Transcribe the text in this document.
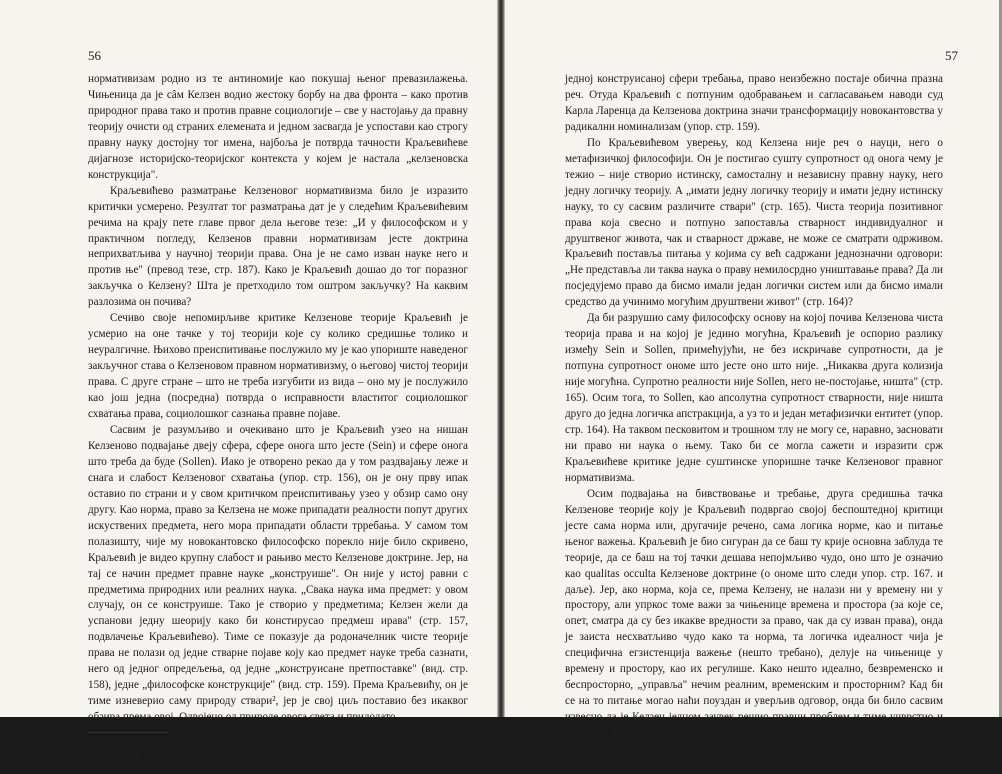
56

нормативизам родио из те антиномије као покушај њеног превазилажења. Чињеница да је сâм Келзен водио жестоку борбу на два фронта – како против природног права тако и против правне социологије – све у настојању да правну теорију очисти од страних елемената и једном засвагда је успостави као строгу правну науку достојну тог имена, најбоља је потврда тачности Краљевићеве дијагнозе историјско-теоријског контекста у којем је настала „келзеновска конструкција".

Краљевићево разматрање Келзеновог нормативизма било је изразито критички усмерено. Резултат тог разматрања дат је у следећим Краљевићевим речима на крају пете главе првог дела његове тезе: „И у философском и у практичном погледу, Келзенов правни нормативизам јесте доктрина неприхватљива у научној теорији права. Она је не само изван науке него и против ње" (превод тезе, стр. 187). Како је Краљевић дошао до тог поразног закључка о Келзену? Шта је претходило том оштром закључку? На каквим разлозима он почива?

Сечиво своје непомирљиве критике Келзенове теорије Краљевић је усмерио на оне тачке у тој теорији које су колико средишње толико и неуралгичне. Њихово преиспитивање послужило му је као упориште наведеног закључног става о Келзеновом правном нормативизму, о његовој чистој теорији права. С друге стране – што не треба изгубити из вида – оно му је послужило као још једна (посредна) потврда о исправности властитог социолошког схватања права, социолошког сазнања правне појаве.

Сасвим је разумљиво и очекивано што је Краљевић узео на нишан Келзеново подвајање двеју сфера, сфере онога што јесте (Sein) и сфере онога што треба да буде (Sollen). Иако је отворено рекао да у том раздвајању леже и снага и слабост Келзеновог схватања (упор. стр. 156), он је ону прву ипак оставио по страни и у свом критичком преиспитивању узео у обзир само ону другу. Као норма, право за Келзена не може припадати реалности попут других искуствених предмета, него мора припадати области трребања. У самом том полазишту, чије му новокантовско философско порекло није било скривено, Краљевић је видео крупну слабост и рањиво место Келзенове доктрине. Јер, на тај се начин предмет правне науке „конструише". Он није у истој равни с предметима природних или реалних наука. „Свака наука има предмет: у овом случају, он се конструише. Тако је створио у предметима; Келзен жели да успанови једну шеорију како би констирусао предмеш ирава" (стр. 157, подвлачење Краљевићево). Тиме се показује да родоначелник чисте теорије права не полази од једне стварне појаве коју као предмет науке треба сазнати, него од једног опредељења, од једне „конструисане претпоставке" (вид. стр. 158), једне „философске конструкције" (вид. стр. 159). Према Краљевићу, он је тиме изневерио саму природу ствари², јер је свој циљ поставио без икаквог обзира према овој. Одвојено од природе овога света и придодато

² Веома је занимљиво приметити да се појам „природа ствари" (nature des choses) сусреће на многим местима Краљевићеве тезе. Очигледно, она је била важан топос његових научно и социолошки опредељених разматрања, као и његове аргументације уопште.

57

једној конструисаној сфери требања, право неизбежно постаје обична празна реч. Отуда Краљевић с потпуним одобравањем и сагласавањем наводи суд Карла Ларенца да Келзенова доктрина значи трансформацију новокантовства у радикални номинализам (упор. стр. 159).

По Краљевићевом уверењу, код Келзена није реч о науци, него о метафизичкој философији. Он је постигао сушту супротност од онога чему је тежио – није створио истинску, самосталну и независну правну науку, него једну логичку теорију. А „имати једну логичку теорију и имати једну истинску науку, то су сасвим различите ствари" (стр. 165). Чиста теорија позитивног права која свесно и потпуно запоставља стварност индивидуалног и друштвеног живота, чак и стварност државе, не може се сматрати одрживом. Краљевић поставља питања у којима су већ садржани једнозначни одговори: „Не представља ли таква наука о праву немилосрдно уништавање права? Да ли посједујемо право да бисмо имали један логички систем или да бисмо имали средство да учинимо могућим друштвени живот" (стр. 164)?

Да би разрушио саму философску основу на којој почива Келзенова чиста теорија права и на којој је једино могућна, Краљевић је оспорио разлику између Sein и Sollen, примећујући, не без искричаве супротности, да је потпуна супротност ономе што јесте оно што није. „Никаква друга колизија није могућна. Супротно реалности није Sollen, него не-постојање, ништа" (стр. 165). Осим тога, то Sollen, као апсолутна супротност стварности, није ништа друго до једна логичка апстракција, а уз то и један метафизички ентитет (упор. стр. 164). На таквом песковитом и трошном тлу не могу се, наравно, засновати ни право ни наука о њему. Тако би се могла сажети и изразити срж Краљевићеве критике једне суштинске упоришне тачке Келзеновог правног нормативизма.

Осим подвајања на бивствовање и требање, друга средишња тачка Келзенове теорије коју је Краљевић подвргао својој беспоштедној критици јесте сама норма или, другачије речено, сама логика норме, као и питање њеног важења. Краљевић је био сигуран да се баш ту крије основна заблуда те теорије, да се баш на тој тачки дешава непојмљиво чудо, оно што је означио као qualitas occulta Келзенове доктрине (о ономе што следи упор. стр. 167. и даље). Јер, ако норма, која се, према Келзену, не налази ни у времену ни у простору, али упркос томе важи за чињенице времена и простора (за које се, опет, сматра да су без икакве вредности за право, чак да су изван права), онда је заиста несхватљиво чудо како та норма, та логичка идеалност чија је специфична егзистенција важење (нешто требано), делује на чињенице у времену и простору, као их регулише. Како нешто идеално, безвременско и беспросторно, „управља" нечим реалним, временским и просторним? Кад би се на то питање могао наћи поуздан и уверљив одговор, онда би било сасвим извесно да је Келзен једном заувек решио правни проблем и тиме учврстио и осигурао научност правне науке. Краљевић је, међутим, био уверен да такав одговора нема нити да га може бити. Штавише, баш се ту показује да се Келзенов нормативизам на-
